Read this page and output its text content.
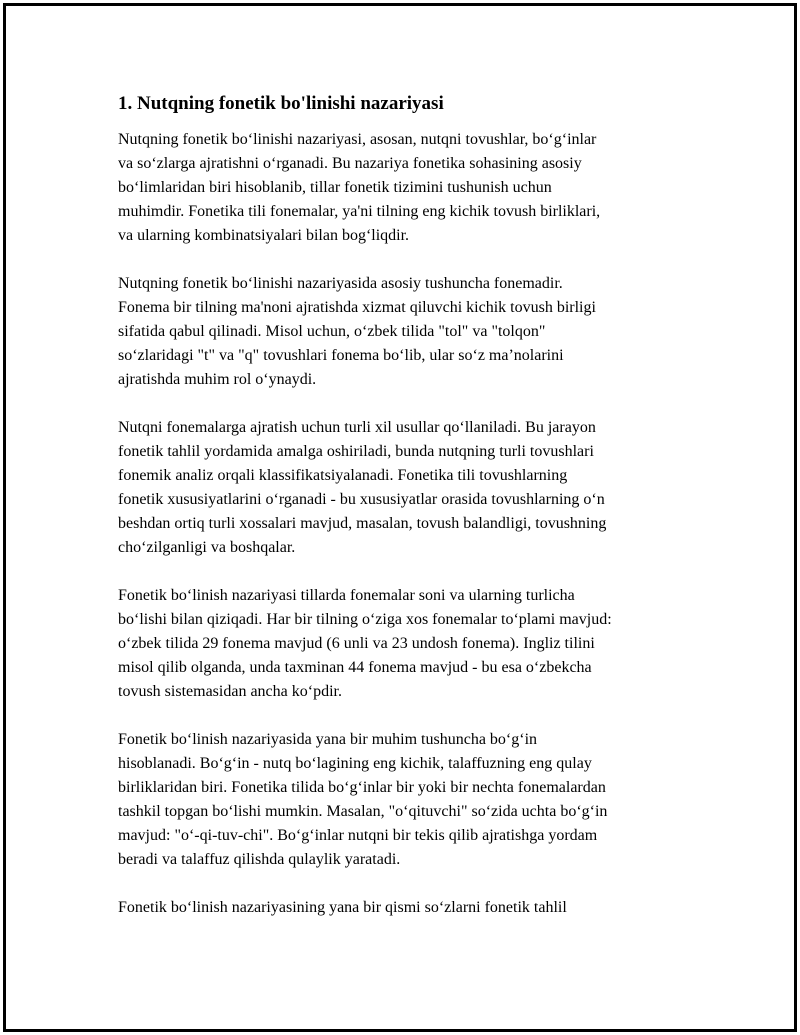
1. Nutqning fonetik bo'linishi nazariyasi

Nutqning fonetik bo‘linishi nazariyasi, asosan, nutqni tovushlar, bo‘g‘inlar
va so‘zlarga ajratishni o‘rganadi. Bu nazariya fonetika sohasining asosiy
bo‘limlaridan biri hisoblanib, tillar fonetik tizimini tushunish uchun
muhimdir. Fonetika tili fonemalar, ya'ni tilning eng kichik tovush birliklari,
va ularning kombinatsiyalari bilan bog‘liqdir.

Nutqning fonetik bo‘linishi nazariyasida asosiy tushuncha fonemadir.
Fonema bir tilning ma'noni ajratishda xizmat qiluvchi kichik tovush birligi
sifatida qabul qilinadi. Misol uchun, o‘zbek tilida "tol" va "tolqon"
so‘zlaridagi "t" va "q" tovushlari fonema bo‘lib, ular so‘z ma’nolarini
ajratishda muhim rol o‘ynaydi.

Nutqni fonemalarga ajratish uchun turli xil usullar qo‘llaniladi. Bu jarayon
fonetik tahlil yordamida amalga oshiriladi, bunda nutqning turli tovushlari
fonemik analiz orqali klassifikatsiyalanadi. Fonetika tili tovushlarning
fonetik xususiyatlarini o‘rganadi - bu xususiyatlar orasida tovushlarning o‘n
beshdan ortiq turli xossalari mavjud, masalan, tovush balandligi, tovushning
cho‘zilganligi va boshqalar.

Fonetik bo‘linish nazariyasi tillarda fonemalar soni va ularning turlicha
bo‘lishi bilan qiziqadi. Har bir tilning o‘ziga xos fonemalar to‘plami mavjud:
o‘zbek tilida 29 fonema mavjud (6 unli va 23 undosh fonema). Ingliz tilini
misol qilib olganda, unda taxminan 44 fonema mavjud - bu esa o‘zbekcha
tovush sistemasidan ancha ko‘pdir.

Fonetik bo‘linish nazariyasida yana bir muhim tushuncha bo‘g‘in
hisoblanadi. Bo‘g‘in - nutq bo‘lagining eng kichik, talaffuzning eng qulay
birliklaridan biri. Fonetika tilida bo‘g‘inlar bir yoki bir nechta fonemalardan
tashkil topgan bo‘lishi mumkin. Masalan, "o‘qituvchi" so‘zida uchta bo‘g‘in
mavjud: "o‘-qi-tuv-chi". Bo‘g‘inlar nutqni bir tekis qilib ajratishga yordam
beradi va talaffuz qilishda qulaylik yaratadi.

Fonetik bo‘linish nazariyasining yana bir qismi so‘zlarni fonetik tahlil
